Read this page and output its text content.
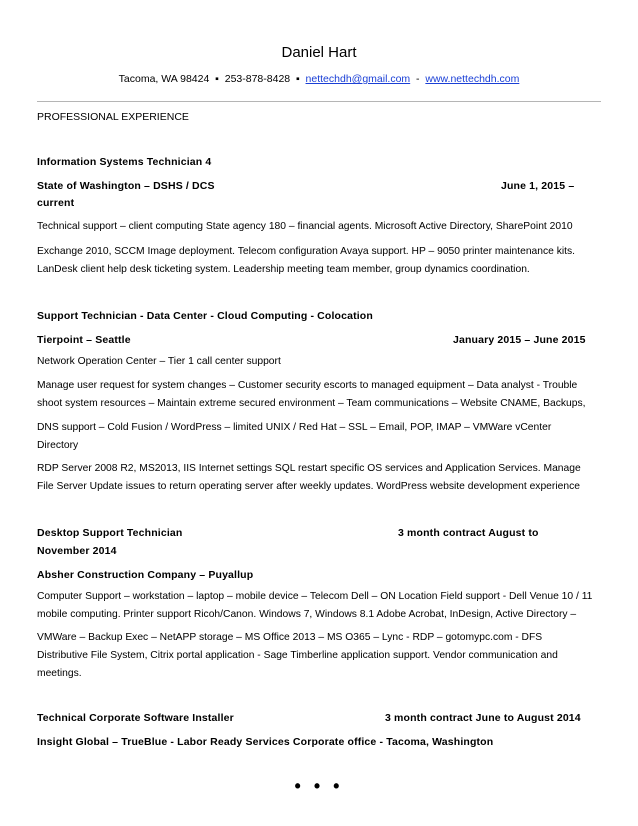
Daniel Hart
Tacoma, WA 98424 ▪ 253-878-8428 ▪ nettechdh@gmail.com - www.nettechdh.com
PROFESSIONAL EXPERIENCE
Information Systems Technician 4
State of Washington – DSHS / DCS	June 1, 2015 –
current
Technical support – client computing State agency 180 – financial agents. Microsoft Active Directory, SharePoint 2010
Exchange 2010, SCCM Image deployment. Telecom configuration Avaya support. HP – 9050 printer maintenance kits.
LanDesk client help desk ticketing system. Leadership meeting team member, group dynamics coordination.
Support Technician - Data Center - Cloud Computing - Colocation
Tierpoint – Seattle	January 2015 – June 2015
Network Operation Center – Tier 1 call center support
Manage user request for system changes – Customer security escorts to managed equipment – Data analyst - Trouble
shoot system resources – Maintain extreme secured environment – Team communications – Website CNAME, Backups,
DNS support – Cold Fusion / WordPress – limited UNIX / Red Hat – SSL – Email, POP, IMAP – VMWare vCenter
Directory
RDP Server 2008 R2, MS2013, IIS Internet settings SQL restart specific OS services and Application Services. Manage
File Server Update issues to return operating server after weekly updates. WordPress website development experience
Desktop Support Technician	3 month contract August to
November 2014
Absher Construction Company – Puyallup
Computer Support – workstation – laptop – mobile device – Telecom Dell – ON Location Field support - Dell Venue 10 / 11
mobile computing. Printer support Ricoh/Canon. Windows 7, Windows 8.1 Adobe Acrobat, InDesign, Active Directory –
VMWare – Backup Exec – NetAPP storage – MS Office 2013 – MS O365 – Lync - RDP – gotomypc.com - DFS
Distributive File System, Citrix portal application - Sage Timberline application support. Vendor communication and
meetings.
Technical Corporate Software Installer	3 month contract June to August 2014
Insight Global – TrueBlue - Labor Ready Services Corporate office - Tacoma, Washington
• • •
